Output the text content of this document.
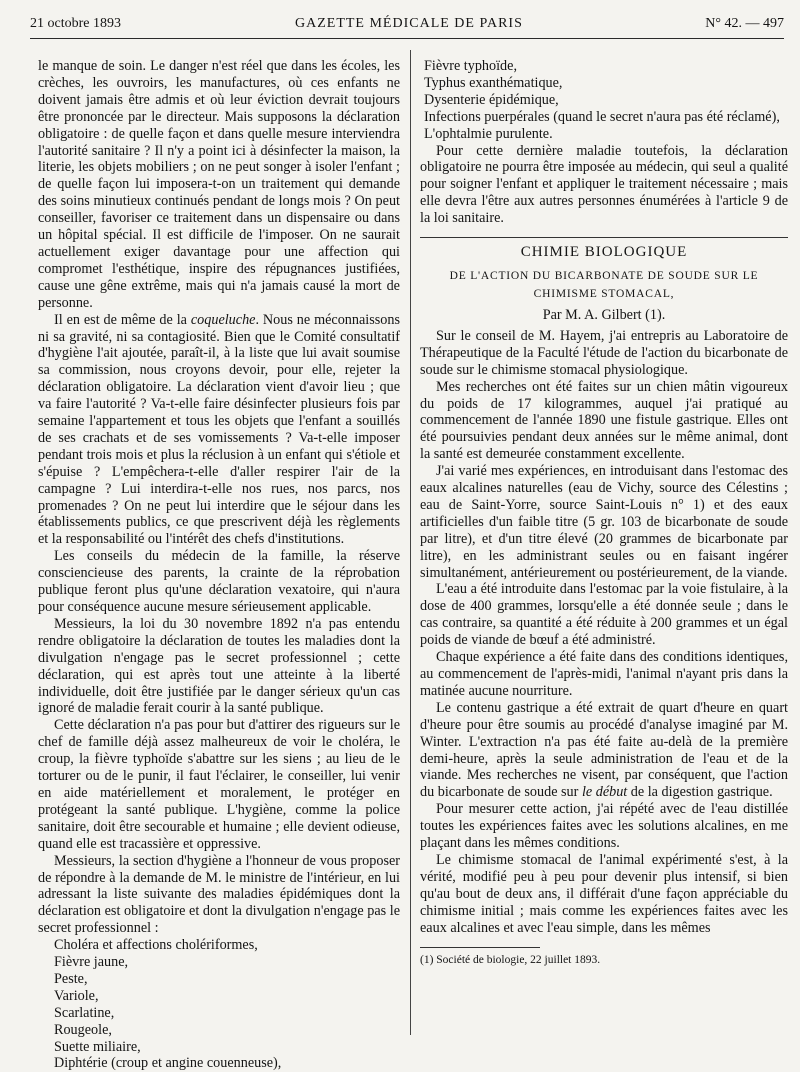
21 octobre 1893	GAZETTE MÉDICALE DE PARIS	N° 42. — 497

le manque de soin. Le danger n'est réel que dans les écoles, les crèches, les ouvroirs, les manufactures, où ces enfants ne doivent jamais être admis et où leur éviction devrait toujours être prononcée par le directeur. Mais supposons la déclaration obligatoire : de quelle façon et dans quelle mesure interviendra l'autorité sanitaire ? Il n'y a point ici à désinfecter la maison, la literie, les objets mobiliers ; on ne peut songer à isoler l'enfant ; de quelle façon lui imposera-t-on un traitement qui demande des soins minutieux continués pendant de longs mois ? On peut conseiller, favoriser ce traitement dans un dispensaire ou dans un hôpital spécial. Il est difficile de l'imposer. On ne saurait actuellement exiger davantage pour une affection qui compromet l'esthétique, inspire des répugnances justifiées, cause une gêne extrême, mais qui n'a jamais causé la mort de personne.

Il en est de même de la coqueluche. Nous ne méconnaissons ni sa gravité, ni sa contagiosité. Bien que le Comité consultatif d'hygiène l'ait ajoutée, paraît-il, à la liste que lui avait soumise sa commission, nous croyons devoir, pour elle, rejeter la déclaration obligatoire. La déclaration vient d'avoir lieu ; que va faire l'autorité ? Va-t-elle faire désinfecter plusieurs fois par semaine l'appartement et tous les objets que l'enfant a souillés de ses crachats et de ses vomissements ? Va-t-elle imposer pendant trois mois et plus la réclusion à un enfant qui s'étiole et s'épuise ? L'empêchera-t-elle d'aller respirer l'air de la campagne ? Lui interdira-t-elle nos rues, nos parcs, nos promenades ? On ne peut lui interdire que le séjour dans les établissements publics, ce que prescrivent déjà les règlements et la responsabilité ou l'intérêt des chefs d'institutions.

Les conseils du médecin de la famille, la réserve consciencieuse des parents, la crainte de la réprobation publique feront plus qu'une déclaration vexatoire, qui n'aura pour conséquence aucune mesure sérieusement applicable.

Messieurs, la loi du 30 novembre 1892 n'a pas entendu rendre obligatoire la déclaration de toutes les maladies dont la divulgation n'engage pas le secret professionnel ; cette déclaration, qui est après tout une atteinte à la liberté individuelle, doit être justifiée par le danger sérieux qu'un cas ignoré de maladie ferait courir à la santé publique.

Cette déclaration n'a pas pour but d'attirer des rigueurs sur le chef de famille déjà assez malheureux de voir le choléra, le croup, la fièvre typhoïde s'abattre sur les siens ; au lieu de le torturer ou de le punir, il faut l'éclairer, le conseiller, lui venir en aide matériellement et moralement, le protéger en protégeant la santé publique. L'hygiène, comme la police sanitaire, doit être secourable et humaine ; elle devient odieuse, quand elle est tracassière et oppressive.

Messieurs, la section d'hygiène a l'honneur de vous proposer de répondre à la demande de M. le ministre de l'intérieur, en lui adressant la liste suivante des maladies épidémiques dont la déclaration est obligatoire et dont la divulgation n'engage pas le secret professionnel :

Choléra et affections cholériformes,
Fièvre jaune,
Peste,
Variole,
Scarlatine,
Rougeole,
Suette miliaire,
Diphtérie (croup et angine couenneuse),
Fièvre typhoïde,
Typhus exanthématique,
Dysenterie épidémique,
Infections puerpérales (quand le secret n'aura pas été réclamé),
L'ophtalmie purulente.

Pour cette dernière maladie toutefois, la déclaration obligatoire ne pourra être imposée au médecin, qui seul a qualité pour soigner l'enfant et appliquer le traitement nécessaire ; mais elle devra l'être aux autres personnes énumérées à l'article 9 de la loi sanitaire.

CHIMIE BIOLOGIQUE
DE L'ACTION DU BICARBONATE DE SOUDE SUR LE CHIMISME STOMACAL,
Par M. A. Gilbert (1).

Sur le conseil de M. Hayem, j'ai entrepris au Laboratoire de Thérapeutique de la Faculté l'étude de l'action du bicarbonate de soude sur le chimisme stomacal physiologique.

Mes recherches ont été faites sur un chien mâtin vigoureux du poids de 17 kilogrammes, auquel j'ai pratiqué au commencement de l'année 1890 une fistule gastrique. Elles ont été poursuivies pendant deux années sur le même animal, dont la santé est demeurée constamment excellente.

J'ai varié mes expériences, en introduisant dans l'estomac des eaux alcalines naturelles (eau de Vichy, source des Célestins ; eau de Saint-Yorre, source Saint-Louis n° 1) et des eaux artificielles d'un faible titre (5 gr. 103 de bicarbonate de soude par litre), et d'un titre élevé (20 grammes de bicarbonate par litre), en les administrant seules ou en faisant ingérer simultanément, antérieurement ou postérieurement, de la viande.

L'eau a été introduite dans l'estomac par la voie fistulaire, à la dose de 400 grammes, lorsqu'elle a été donnée seule ; dans le cas contraire, sa quantité a été réduite à 200 grammes et un égal poids de viande de bœuf a été administré.

Chaque expérience a été faite dans des conditions identiques, au commencement de l'après-midi, l'animal n'ayant pris dans la matinée aucune nourriture.

Le contenu gastrique a été extrait de quart d'heure en quart d'heure pour être soumis au procédé d'analyse imaginé par M. Winter. L'extraction n'a pas été faite au-delà de la première demi-heure, après la seule administration de l'eau et de la viande. Mes recherches ne visent, par conséquent, que l'action du bicarbonate de soude sur le début de la digestion gastrique.

Pour mesurer cette action, j'ai répété avec de l'eau distillée toutes les expériences faites avec les solutions alcalines, en me plaçant dans les mêmes conditions.

Le chimisme stomacal de l'animal expérimenté s'est, à la vérité, modifié peu à peu pour devenir plus intensif, si bien qu'au bout de deux ans, il différait d'une façon appréciable du chimisme initial ; mais comme les expériences faites avec les eaux alcalines et avec l'eau simple, dans les mêmes

(1) Société de biologie, 22 juillet 1893.
